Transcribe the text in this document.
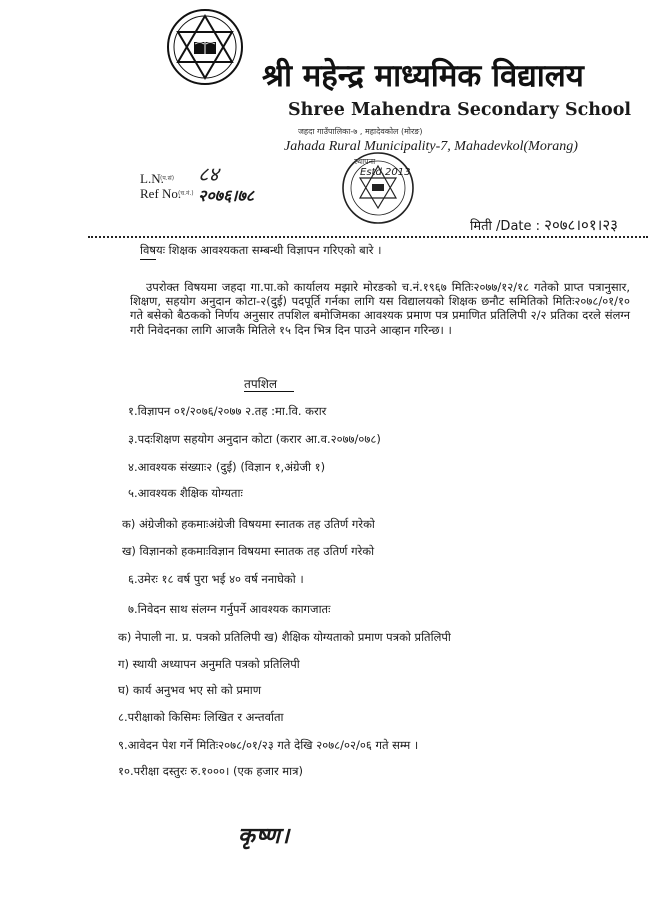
श्री महेन्द्र माध्यमिक विद्यालय
Shree Mahendra Secondary School
जहदा गाउँपालिका-७ , महादेवकोल (मोरङ)
Jahada Rural Municipality-7, Mahadevkol(Morang)
स्थापना
Estd.2013
L.N.
(प.सं) ८४
Ref No.
(च.नं.) २०७६।७८
मिती /Date : २०७८।०१।२३
विषयः शिक्षक आवश्यकता सम्बन्धी विज्ञापन गरिएको बारे ।
उपरोक्त विषयमा जहदा गा.पा.को कार्यालय मझारे मोरङको च.नं.१९६७ मितिः२०७७/१२/१८ गतेको प्राप्त पत्रानुसार, शिक्षण, सहयोग अनुदान कोटा-२(दुई) पदपूर्ति गर्नका लागि यस विद्यालयको शिक्षक छनौट समितिको मितिः२०७८/०१/१० गते बसेको बैठकको निर्णय अनुसार तपशिल बमोजिमका आवश्यक प्रमाण पत्र प्रमाणित प्रतिलिपी २/२ प्रतिका दरले संलग्न गरी निवेदनका लागि आजकै मितिले १५ दिन भित्र दिन पाउने आव्हान गरिन्छ। ।
तपशिल
१.विज्ञापन ०१/२०७६/२०७७ २.तह :मा.वि. करार
३.पदःशिक्षण सहयोग अनुदान कोटा (करार आ.व.२०७७/०७८)
४.आवश्यक संख्याः२ (दुई) (विज्ञान १,अंग्रेजी १)
५.आवश्यक शैक्षिक योग्यताः
क) अंग्रेजीको हकमाःअंग्रेजी विषयमा स्नातक तह उतिर्ण गरेको
ख) विज्ञानको हकमाःविज्ञान विषयमा स्नातक तह उतिर्ण गरेको
६.उमेरः १८ वर्ष पुरा भई ४० वर्ष ननाघेको ।
७.निवेदन साथ संलग्न गर्नुपर्ने आवश्यक कागजातः
क) नेपाली ना. प्र. पत्रको प्रतिलिपी ख) शैक्षिक योग्यताको प्रमाण पत्रको प्रतिलिपी
ग) स्थायी अध्यापन अनुमति पत्रको प्रतिलिपी
घ) कार्य अनुभव भए सो को प्रमाण
८.परीक्षाको किसिमः लिखित र अन्तर्वाता
९.आवेदन पेश गर्ने मितिः२०७८/०१/२३ गते देखि २०७८/०२/०६ गते सम्म ।
१०.परीक्षा दस्तुरः रु.१०००। (एक हजार मात्र)
कृष्ण।
